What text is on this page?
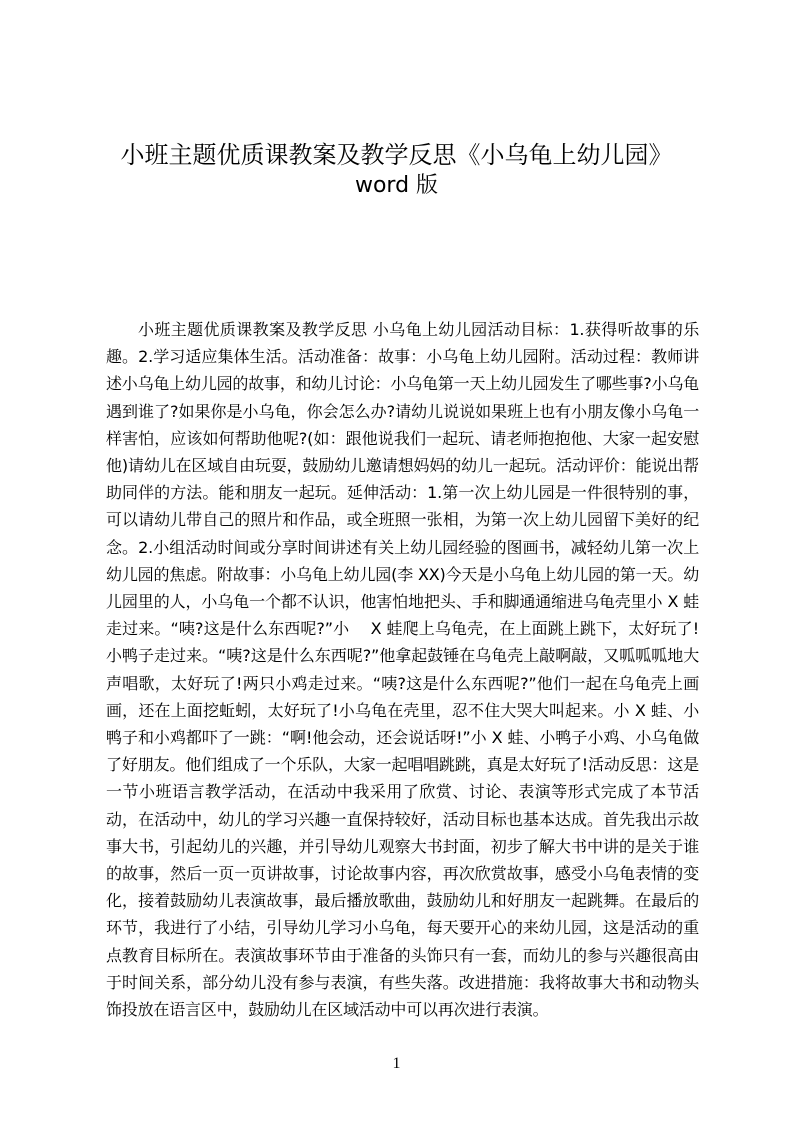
小班主题优质课教案及教学反思《小乌龟上幼儿园》
word 版
小班主题优质课教案及教学反思 小乌龟上幼儿园活动目标：1.获得听故事的乐趣。2.学习适应集体生活。活动准备：故事：小乌龟上幼儿园附。活动过程：教师讲述小乌龟上幼儿园的故事，和幼儿讨论：小乌龟第一天上幼儿园发生了哪些事?小乌龟遇到谁了?如果你是小乌龟，你会怎么办?请幼儿说说如果班上也有小朋友像小乌龟一样害怕，应该如何帮助他呢?(如：跟他说我们一起玩、请老师抱抱他、大家一起安慰他)请幼儿在区域自由玩耍，鼓励幼儿邀请想妈妈的幼儿一起玩。活动评价：能说出帮助同伴的方法。能和朋友一起玩。延伸活动：1.第一次上幼儿园是一件很特别的事，可以请幼儿带自己的照片和作品，或全班照一张相，为第一次上幼儿园留下美好的纪念。2.小组活动时间或分享时间讲述有关上幼儿园经验的图画书，减轻幼儿第一次上幼儿园的焦虑。附故事：小乌龟上幼儿园(李 XX)今天是小乌龟上幼儿园的第一天。幼儿园里的人，小乌龟一个都不认识，他害怕地把头、手和脚通通缩进乌龟壳里小 X 蛙走过来。“咦?这是什么东西呢?”小　 X 蛙爬上乌龟壳，在上面跳上跳下，太好玩了!小鸭子走过来。“咦?这是什么东西呢?”他拿起鼓锤在乌龟壳上敲啊敲，又呱呱呱地大声唱歌，太好玩了!两只小鸡走过来。“咦?这是什么东西呢?”他们一起在乌龟壳上画画，还在上面挖蚯蚓，太好玩了!小乌龟在壳里，忍不住大哭大叫起来。小 X 蛙、小鸭子和小鸡都吓了一跳：“啊!他会动，还会说话呀!”小 X 蛙、小鸭子小鸡、小乌龟做了好朋友。他们组成了一个乐队，大家一起唱唱跳跳，真是太好玩了!活动反思：这是一节小班语言教学活动，在活动中我采用了欣赏、讨论、表演等形式完成了本节活动，在活动中，幼儿的学习兴趣一直保持较好，活动目标也基本达成。首先我出示故事大书，引起幼儿的兴趣，并引导幼儿观察大书封面，初步了解大书中讲的是关于谁的故事，然后一页一页讲故事，讨论故事内容，再次欣赏故事，感受小乌龟表情的变化，接着鼓励幼儿表演故事，最后播放歌曲，鼓励幼儿和好朋友一起跳舞。在最后的环节，我进行了小结，引导幼儿学习小乌龟，每天要开心的来幼儿园，这是活动的重点教育目标所在。表演故事环节由于准备的头饰只有一套，而幼儿的参与兴趣很高由于时间关系，部分幼儿没有参与表演，有些失落。改进措施：我将故事大书和动物头饰投放在语言区中，鼓励幼儿在区域活动中可以再次进行表演。
1
